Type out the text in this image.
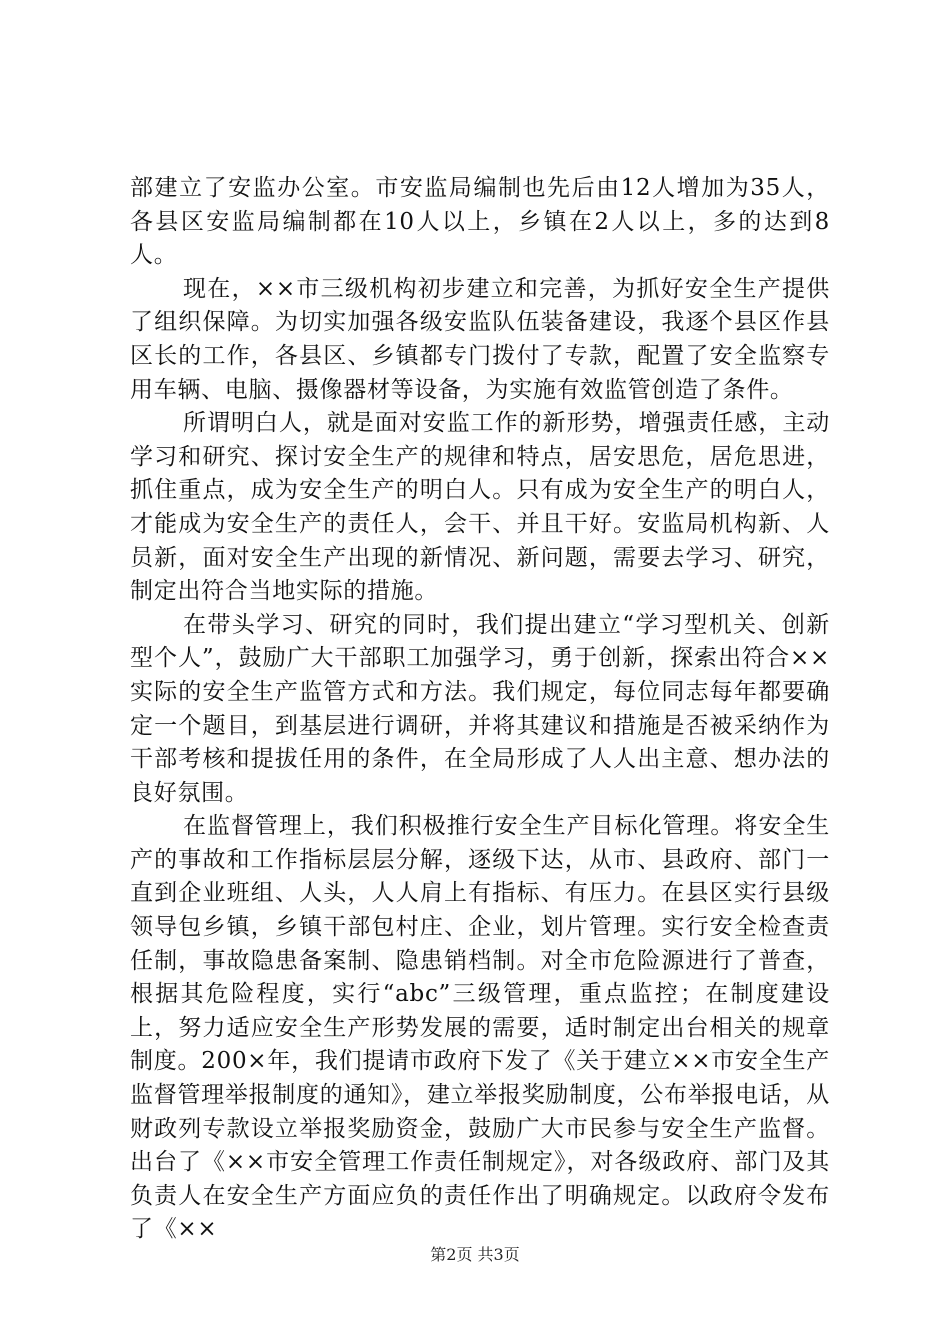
部建立了安监办公室。市安监局编制也先后由12人增加为35人，各县区安监局编制都在10人以上，乡镇在2人以上，多的达到8人。

现在，××市三级机构初步建立和完善，为抓好安全生产提供了组织保障。为切实加强各级安监队伍装备建设，我逐个县区作县区长的工作，各县区、乡镇都专门拨付了专款，配置了安全监察专用车辆、电脑、摄像器材等设备，为实施有效监管创造了条件。

所谓明白人，就是面对安监工作的新形势，增强责任感，主动学习和研究、探讨安全生产的规律和特点，居安思危，居危思进，抓住重点，成为安全生产的明白人。只有成为安全生产的明白人，才能成为安全生产的责任人，会干、并且干好。安监局机构新、人员新，面对安全生产出现的新情况、新问题，需要去学习、研究，制定出符合当地实际的措施。

在带头学习、研究的同时，我们提出建立“学习型机关、创新型个人”，鼓励广大干部职工加强学习，勇于创新，探索出符合××实际的安全生产监管方式和方法。我们规定，每位同志每年都要确定一个题目，到基层进行调研，并将其建议和措施是否被采纳作为干部考核和提拔任用的条件，在全局形成了人人出主意、想办法的良好氛围。

在监督管理上，我们积极推行安全生产目标化管理。将安全生产的事故和工作指标层层分解，逐级下达，从市、县政府、部门一直到企业班组、人头，人人肩上有指标、有压力。在县区实行县级领导包乡镇，乡镇干部包村庄、企业，划片管理。实行安全检查责任制，事故隐患备案制、隐患销档制。对全市危险源进行了普查，根据其危险程度，实行“abc”三级管理，重点监控；在制度建设上，努力适应安全生产形势发展的需要，适时制定出台相关的规章制度。200×年，我们提请市政府下发了《关于建立××市安全生产监督管理举报制度的通知》，建立举报奖励制度，公布举报电话，从财政列专款设立举报奖励资金，鼓励广大市民参与安全生产监督。出台了《××市安全管理工作责任制规定》，对各级政府、部门及其负责人在安全生产方面应负的责任作出了明确规定。以政府令发布了《××

第2页 共3页
